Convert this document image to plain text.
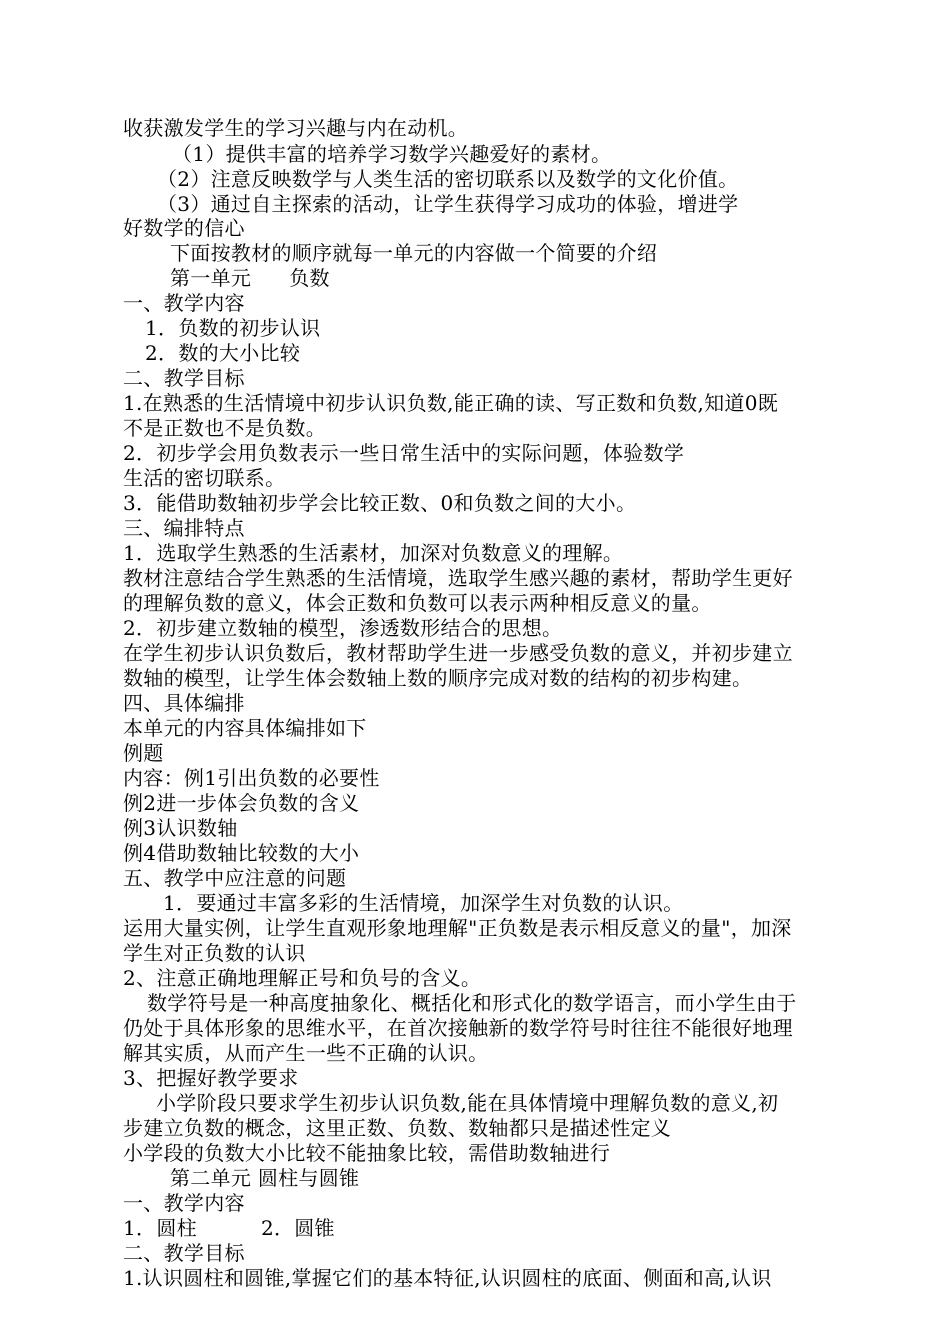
收获激发学生的学习兴趣与内在动机。
（1）提供丰富的培养学习数学兴趣爱好的素材。
（2）注意反映数学与人类生活的密切联系以及数学的文化价值。
（3）通过自主探索的活动，让学生获得学习成功的体验，增进学
好数学的信心
下面按教材的顺序就每一单元的内容做一个简要的介绍
第一单元 负数
一、教学内容
1．负数的初步认识
2．数的大小比较
二、教学目标
1.在熟悉的生活情境中初步认识负数,能正确的读、写正数和负数,知道0既
不是正数也不是负数。
2．初步学会用负数表示一些日常生活中的实际问题，体验数学
生活的密切联系。
3．能借助数轴初步学会比较正数、0和负数之间的大小。
三、编排特点
1．选取学生熟悉的生活素材，加深对负数意义的理解。
教材注意结合学生熟悉的生活情境，选取学生感兴趣的素材，帮助学生更好
的理解负数的意义，体会正数和负数可以表示两种相反意义的量。
2．初步建立数轴的模型，渗透数形结合的思想。
在学生初步认识负数后，教材帮助学生进一步感受负数的意义，并初步建立
数轴的模型，让学生体会数轴上数的顺序完成对数的结构的初步构建。
四、具体编排
本单元的内容具体编排如下
例题
内容：例1引出负数的必要性
例2进一步体会负数的含义
例3认识数轴
例4借助数轴比较数的大小
五、教学中应注意的问题
1．要通过丰富多彩的生活情境，加深学生对负数的认识。
运用大量实例，让学生直观形象地理解"正负数是表示相反意义的量"，加深
学生对正负数的认识
2、注意正确地理解正号和负号的含义。
数学符号是一种高度抽象化、概括化和形式化的数学语言，而小学生由于
仍处于具体形象的思维水平，在首次接触新的数学符号时往往不能很好地理
解其实质，从而产生一些不正确的认识。
3、把握好教学要求
小学阶段只要求学生初步认识负数,能在具体情境中理解负数的意义,初
步建立负数的概念，这里正数、负数、数轴都只是描述性定义
小学段的负数大小比较不能抽象比较，需借助数轴进行
第二单元 圆柱与圆锥
一、教学内容
1．圆柱	2．圆锥
二、教学目标
1.认识圆柱和圆锥,掌握它们的基本特征,认识圆柱的底面、侧面和高,认识
